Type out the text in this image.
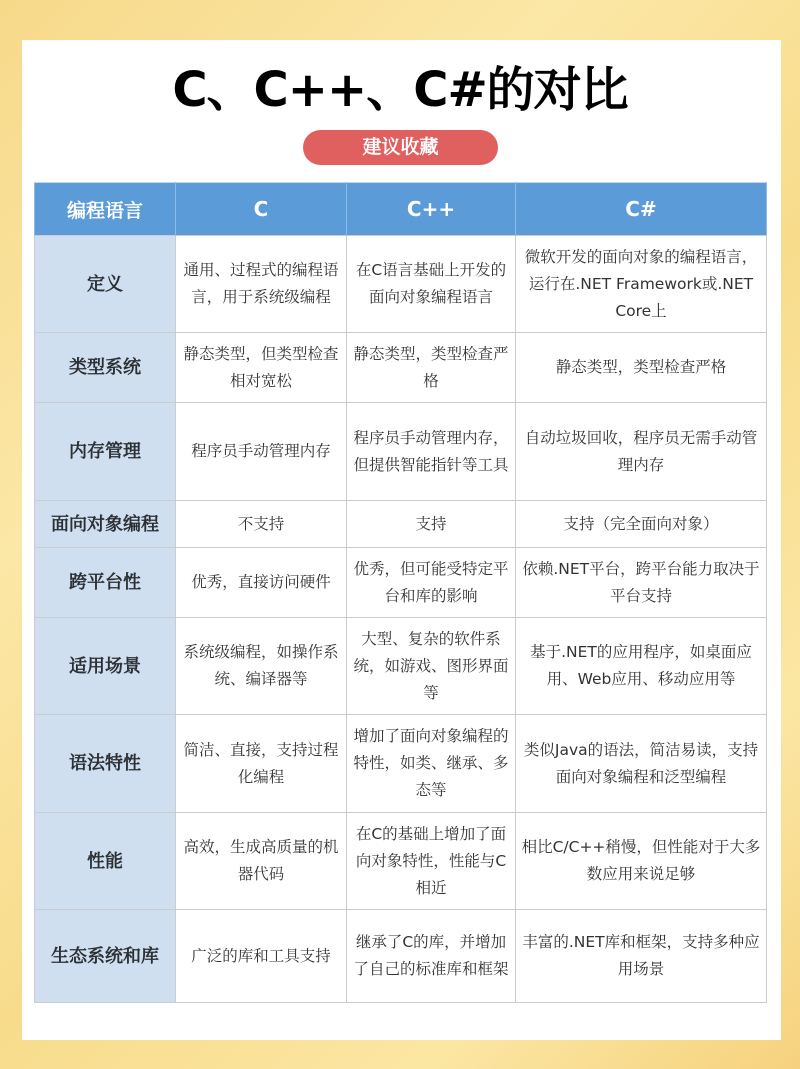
C、C++、C#的对比
建议收藏
编程语言	C	C++	C#
定义	通用、过程式的编程语言，用于系统级编程	在C语言基础上开发的面向对象编程语言	微软开发的面向对象的编程语言，运行在.NET Framework或.NET Core上
类型系统	静态类型，但类型检查相对宽松	静态类型，类型检查严格	静态类型，类型检查严格
内存管理	程序员手动管理内存	程序员手动管理内存，但提供智能指针等工具	自动垃圾回收，程序员无需手动管理内存
面向对象编程	不支持	支持	支持（完全面向对象）
跨平台性	优秀，直接访问硬件	优秀，但可能受特定平台和库的影响	依赖.NET平台，跨平台能力取决于平台支持
适用场景	系统级编程，如操作系统、编译器等	大型、复杂的软件系统，如游戏、图形界面等	基于.NET的应用程序，如桌面应用、Web应用、移动应用等
语法特性	简洁、直接，支持过程化编程	增加了面向对象编程的特性，如类、继承、多态等	类似Java的语法，简洁易读，支持面向对象编程和泛型编程
性能	高效，生成高质量的机器代码	在C的基础上增加了面向对象特性，性能与C相近	相比C/C++稍慢，但性能对于大多数应用来说足够
生态系统和库	广泛的库和工具支持	继承了C的库，并增加了自己的标准库和框架	丰富的.NET库和框架，支持多种应用场景
